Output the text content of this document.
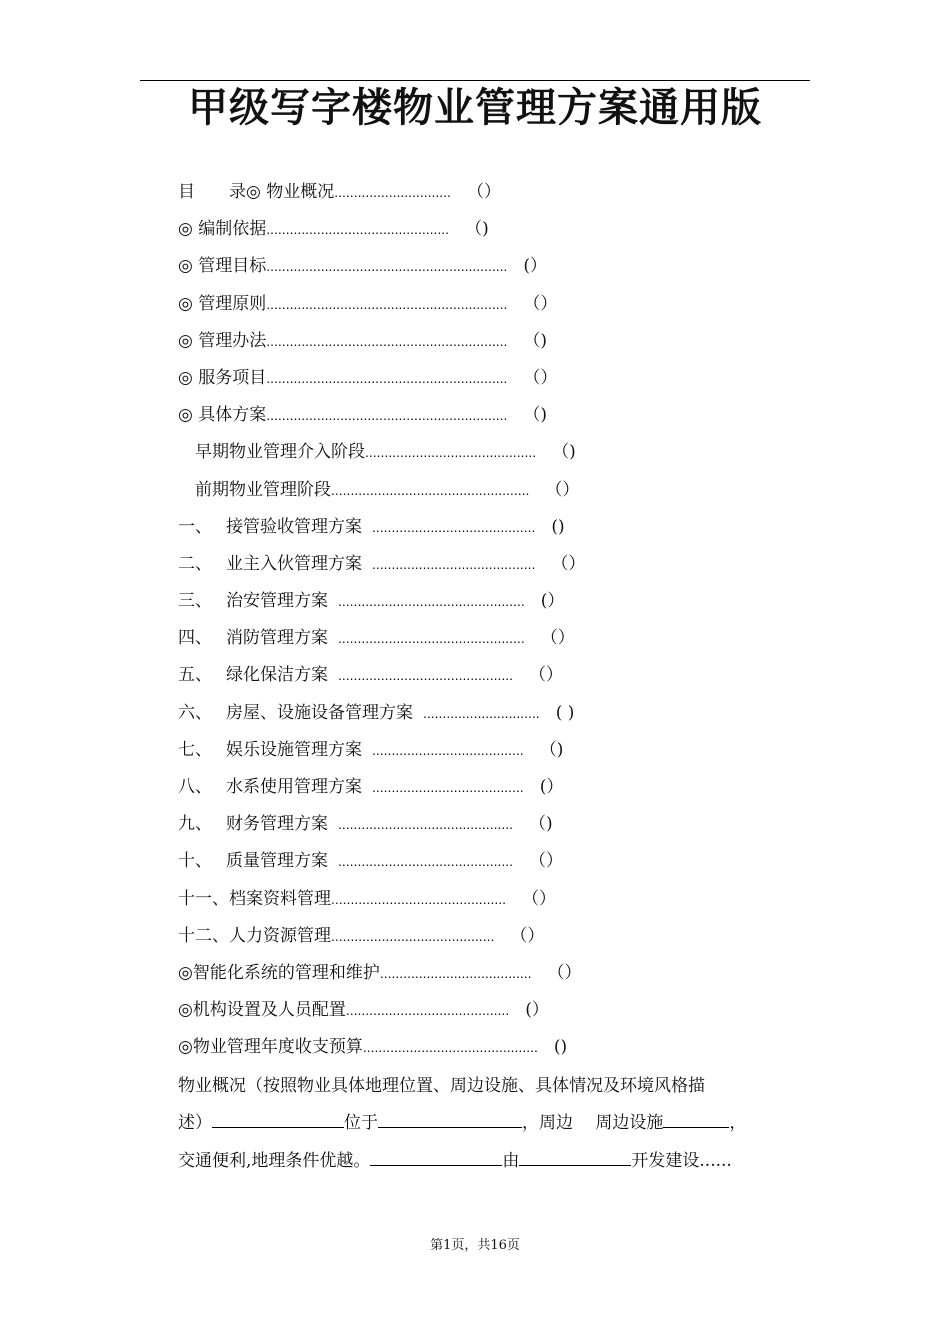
甲级写字楼物业管理方案通用版
目　　录◎ 物业概况.............................. （）
◎ 编制依据............................................... （)
◎ 管理目标.............................................................. (）
◎ 管理原则.............................................................. （）
◎ 管理办法.............................................................. （)
◎ 服务项目.............................................................. （）
◎ 具体方案.............................................................. （)
　早期物业管理介入阶段............................................ （)
　前期物业管理阶段................................................... （）
一、 接管验收管理方案 .......................................... ()
二、 业主入伙管理方案 .......................................... （）
三、 治安管理方案 ................................................ (）
四、 消防管理方案 ................................................ （）
五、 绿化保洁方案 ............................................. （）
六、 房屋、设施设备管理方案 .............................. ( )
七、 娱乐设施管理方案 ....................................... （)
八、 水系使用管理方案 ....................................... (）
九、 财务管理方案 ............................................. （)
十、 质量管理方案 ............................................. （）
十一、档案资料管理............................................. （）
十二、人力资源管理.......................................... （）
◎智能化系统的管理和维护....................................... （）
◎机构设置及人员配置.......................................... (）
◎物业管理年度收支预算............................................. ()
物业概况（按照物业具体地理位置、周边设施、具体情况及环境风格描
述）	位于	，周边　 周边设施	，
交通便利,地理条件优越。	由	开发建设......
第1页，共16页
